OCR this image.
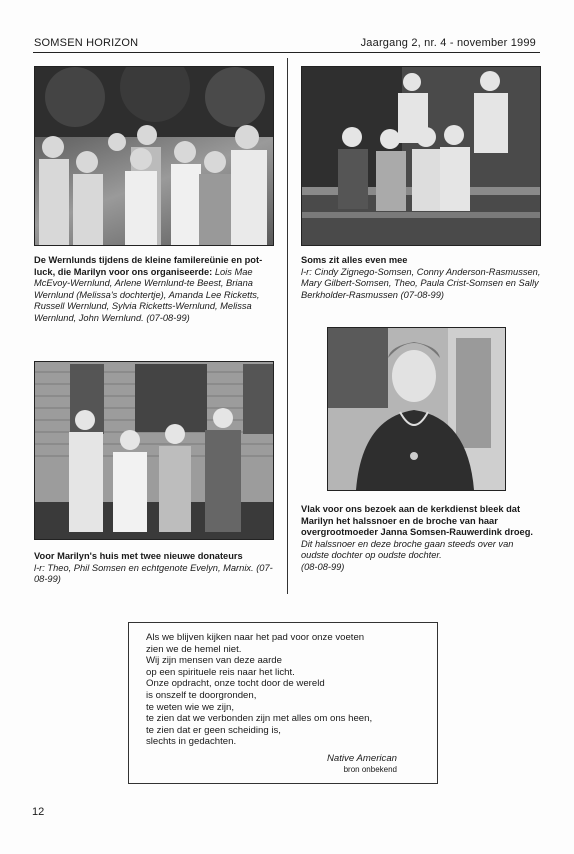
SOMSEN HORIZON	Jaargang 2, nr. 4 - november 1999
De Wernlunds tijdens de kleine familereünie en pot-luck, die Marilyn voor ons organiseerde: Lois Mae McEvoy-Wernlund, Arlene Wernlund-te Beest, Briana Wernlund (Melissa's dochtertje), Amanda Lee Ricketts, Russell Wernlund, Sylvia Ricketts-Wernlund, Melissa Wernlund, John Wernlund. (07-08-99)
Soms zit alles even mee
l-r: Cindy Zignego-Somsen, Conny Anderson-Rasmussen, Mary Gilbert-Somsen, Theo, Paula Crist-Somsen en Sally Berkholder-Rasmussen (07-08-99)
Voor Marilyn's huis met twee nieuwe donateurs
l-r: Theo, Phil Somsen en echtgenote Evelyn, Marnix. (07-08-99)
Vlak voor ons bezoek aan de kerkdienst bleek dat Marilyn het halssnoer en de broche van haar overgrootmoeder Janna Somsen-Rauwerdink droeg. Dit halssnoer en deze broche gaan steeds over van oudste dochter op oudste dochter.
(08-08-99)
Als we blijven kijken naar het pad voor onze voeten
zien we de hemel niet.
Wij zijn mensen van deze aarde
op een spirituele reis naar het licht.
Onze opdracht, onze tocht door de wereld
is onszelf te doorgronden,
te weten wie we zijn,
te zien dat we verbonden zijn met alles om ons heen,
te zien dat er geen scheiding is,
slechts in gedachten.
Native American
bron onbekend
12
